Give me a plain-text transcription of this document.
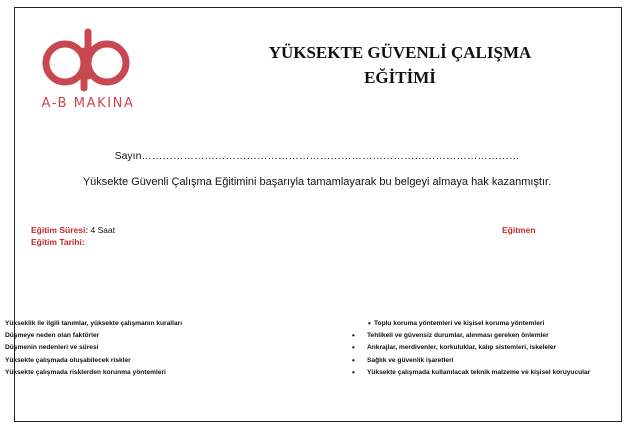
A-B MAKINA
YÜKSEKTE GÜVENLİ ÇALIŞMA
EĞİTİMİ
Sayın………………………………………………………………………………………………
Yüksekte Güvenli Çalışma Eğitimini başarıyla tamamlayarak bu belgeyi almaya hak kazanmıştır.
Eğitim Süresi: 4 Saat
Eğitim Tarihi:
Eğitmen
Yükseklik ile ilgili tanımlar, yüksekte çalışmanın kuralları
Düşmeye neden olan faktörler
Düşmenin nedenleri ve süresi
Yüksekte çalışmada oluşabilecek riskler
Yüksekte çalışmada risklerden korunma yöntemleri
• Toplu koruma yöntemleri ve kişisel koruma yöntemleri
• Tehlikeli ve güvensiz durumlar, alınması gereken önlemler
• Ankrajlar, merdivenler, korkuluklar, kalıp sistemleri, iskeleler
• Sağlık ve güvenlik işaretleri
• Yüksekte çalışmada kullanılacak teknik malzeme ve kişisel koruyucular
